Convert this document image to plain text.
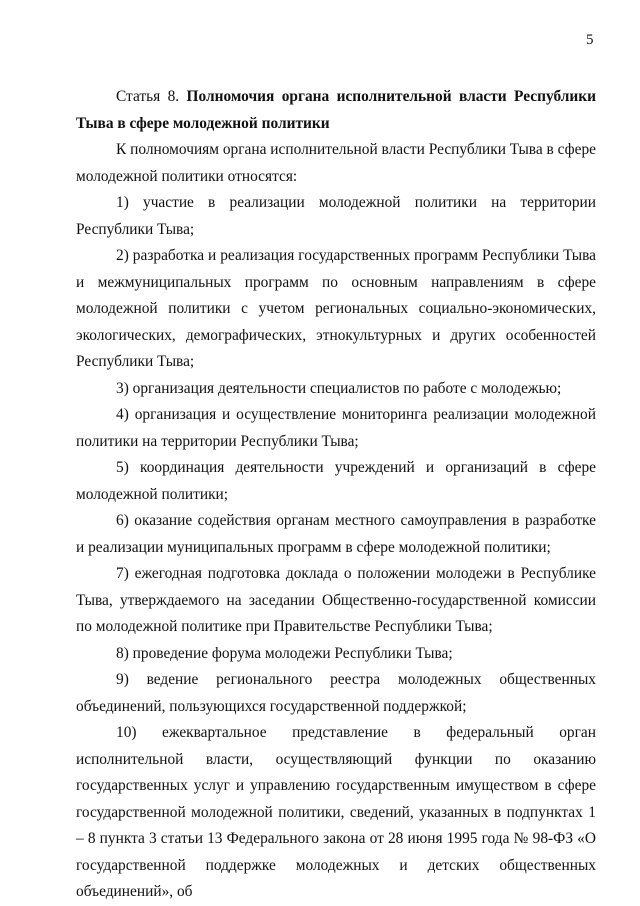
5

Статья 8. Полномочия органа исполнительной власти Республики Тыва в сфере молодежной политики

К полномочиям органа исполнительной власти Республики Тыва в сфере молодежной политики относятся:

1) участие в реализации молодежной политики на территории Республики Тыва;

2) разработка и реализация государственных программ Республики Тыва и межмуниципальных программ по основным направлениям в сфере молодежной политики с учетом региональных социально-экономических, экологических, демографических, этнокультурных и других особенностей Республики Тыва;

3) организация деятельности специалистов по работе с молодежью;

4) организация и осуществление мониторинга реализации молодежной политики на территории Республики Тыва;

5) координация деятельности учреждений и организаций в сфере молодежной политики;

6) оказание содействия органам местного самоуправления в разработке и реализации муниципальных программ в сфере молодежной политики;

7) ежегодная подготовка доклада о положении молодежи в Республике Тыва, утверждаемого на заседании Общественно-государственной комиссии по молодежной политике при Правительстве Республики Тыва;

8) проведение форума молодежи Республики Тыва;

9) ведение регионального реестра молодежных общественных объединений, пользующихся государственной поддержкой;

10) ежеквартальное представление в федеральный орган исполнительной власти, осуществляющий функции по оказанию государственных услуг и управлению государственным имуществом в сфере государственной молодежной политики, сведений, указанных в подпунктах 1 – 8 пункта 3 статьи 13 Федерального закона от 28 июня 1995 года № 98-ФЗ «О государственной поддержке молодежных и детских общественных объединений», об
